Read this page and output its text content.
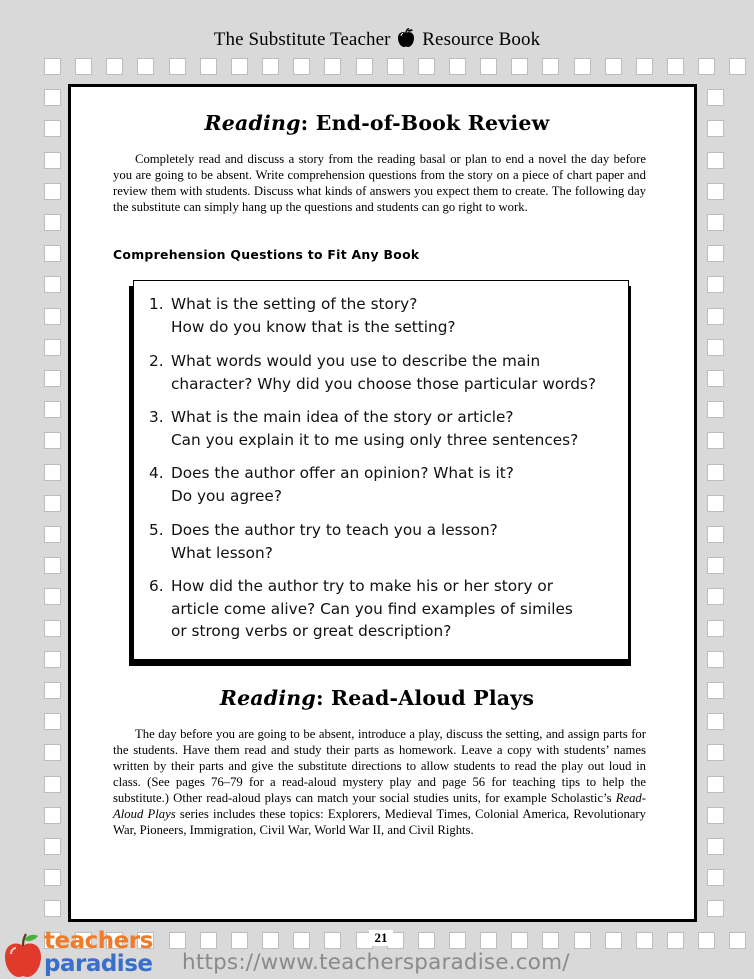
The Substitute Teacher Resource Book
Reading: End-of-Book Review

Completely read and discuss a story from the reading basal or plan to end a novel the day before you are going to be absent. Write comprehension questions from the story on a piece of chart paper and review them with students. Discuss what kinds of answers you expect them to create. The following day the substitute can simply hang up the questions and students can go right to work.

Comprehension Questions to Fit Any Book
1. What is the setting of the story?
How do you know that is the setting?
2. What words would you use to describe the main
character? Why did you choose those particular words?
3. What is the main idea of the story or article?
Can you explain it to me using only three sentences?
4. Does the author offer an opinion? What is it?
Do you agree?
5. Does the author try to teach you a lesson?
What lesson?
6. How did the author try to make his or her story or
article come alive? Can you find examples of similes
or strong verbs or great description?
Reading: Read-Aloud Plays

The day before you are going to be absent, introduce a play, discuss the setting, and assign parts for the students. Have them read and study their parts as homework. Leave a copy with students’ names written by their parts and give the substitute directions to allow students to read the play out loud in class. (See pages 76–79 for a read-aloud mystery play and page 56 for teaching tips to help the substitute.) Other read-aloud plays can match your social studies units, for example Scholastic’s Read-Aloud Plays series includes these topics: Explorers, Medieval Times, Colonial America, Revolutionary War, Pioneers, Immigration, Civil War, World War II, and Civil Rights.

21
teachers
paradise https://www.teachersparadise.com/
